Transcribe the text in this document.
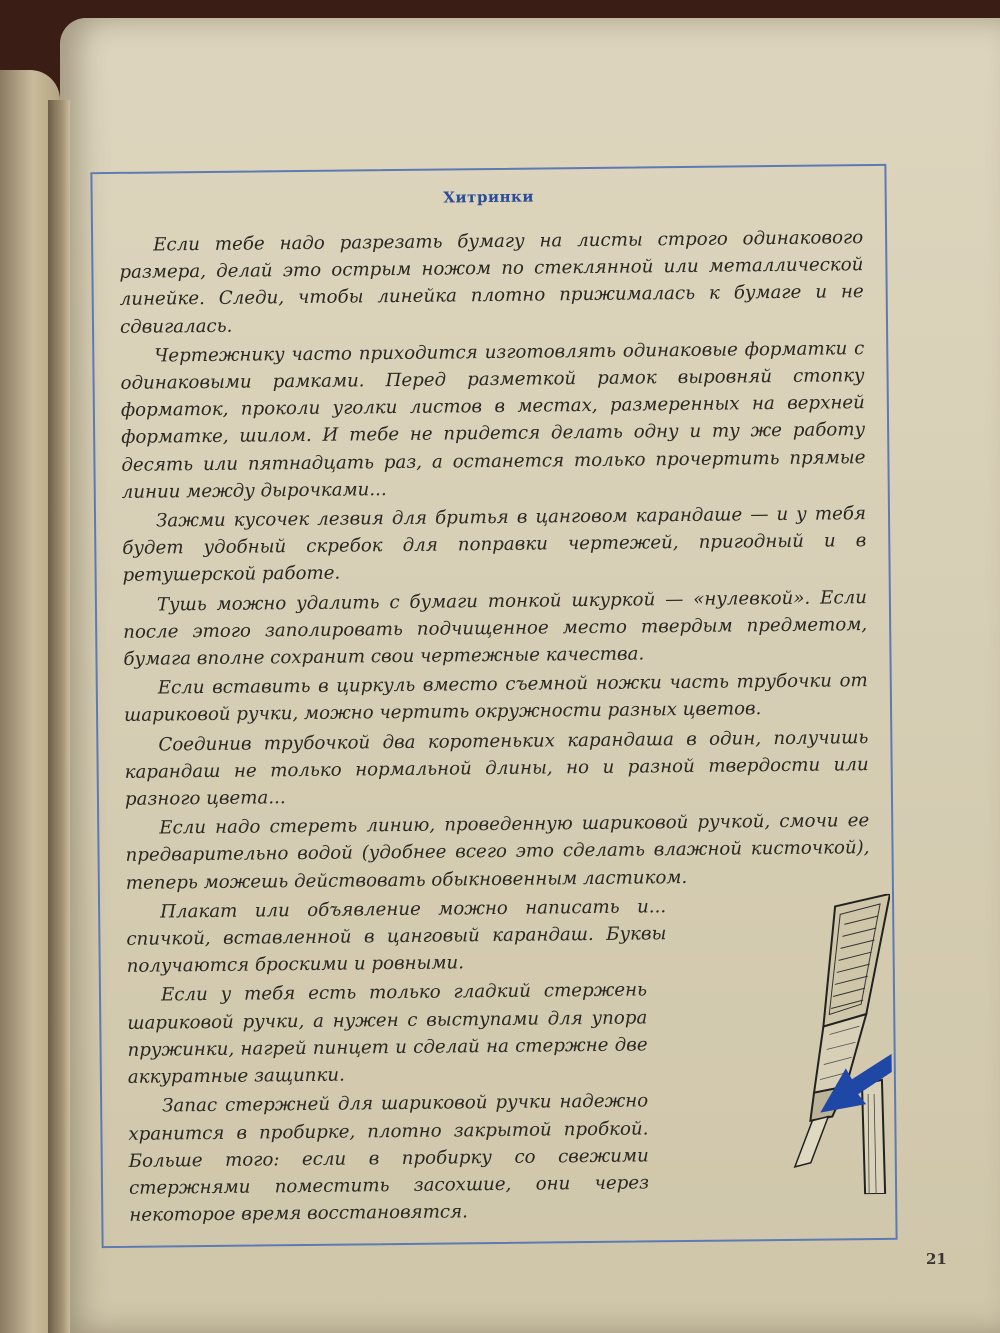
Хитринки

Если тебе надо разрезать бумагу на листы строго одинакового размера, делай это острым ножом по стеклянной или металлической линейке. Следи, чтобы линейка плотно прижималась к бумаге и не сдвигалась.

Чертежнику часто приходится изготовлять одинаковые форматки с одинаковыми рамками. Перед разметкой рамок выровняй стопку форматок, проколи уголки листов в местах, размеренных на верхней форматке, шилом. И тебе не придется делать одну и ту же работу десять или пятнадцать раз, а останется только прочертить прямые линии между дырочками...

Зажми кусочек лезвия для бритья в цанговом карандаше — и у тебя будет удобный скребок для поправки чертежей, пригодный и в ретушерской работе.

Тушь можно удалить с бумаги тонкой шкуркой — «нулевкой». Если после этого заполировать подчищенное место твердым предметом, бумага вполне сохранит свои чертежные качества.

Если вставить в циркуль вместо съемной ножки часть трубочки от шариковой ручки, можно чертить окружности разных цветов.

Соединив трубочкой два коротеньких карандаша в один, получишь карандаш не только нормальной длины, но и разной твердости или разного цвета...

Если надо стереть линию, проведенную шариковой ручкой, смочи ее предварительно водой (удобнее всего это сделать влажной кисточкой), теперь можешь действовать обыкновенным ластиком.

Плакат или объявление можно написать и... спичкой, вставленной в цанговый карандаш. Буквы получаются броскими и ровными.

Если у тебя есть только гладкий стержень шариковой ручки, а нужен с выступами для упора пружинки, нагрей пинцет и сделай на стержне две аккуратные защипки.

Запас стержней для шариковой ручки надежно хранится в пробирке, плотно закрытой пробкой. Больше того: если в пробирку со свежими стержнями поместить засохшие, они через некоторое время восстановятся.

21
